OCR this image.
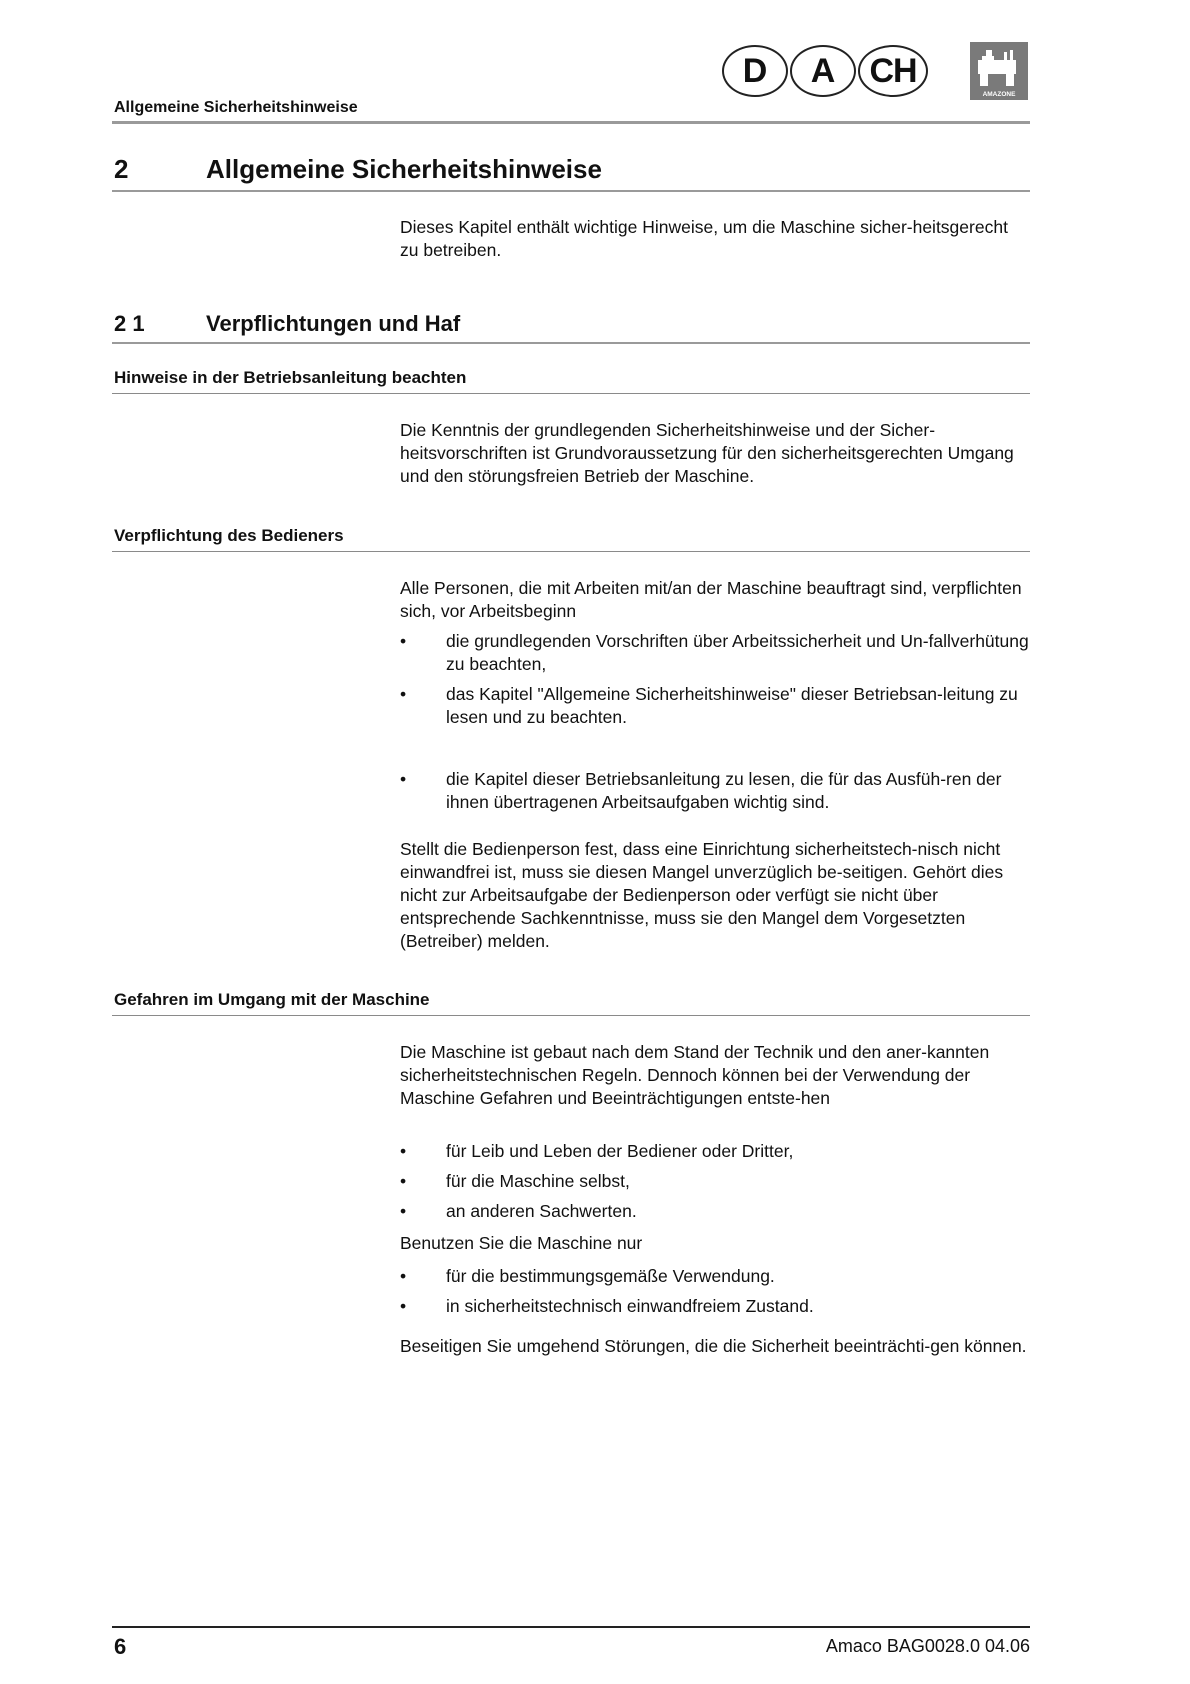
Allgemeine Sicherheitshinweise
D	A	CH
AMAZONE
2	Allgemeine Sicherheitshinweise
Dieses Kapitel enthält wichtige Hinweise, um die Maschine sicher-heitsgerecht zu betreiben.
2 1	Verpflichtungen und Haf
Hinweise in der Betriebsanleitung beachten
Die Kenntnis der grundlegenden Sicherheitshinweise und der Sicher-heitsvorschriften ist Grundvoraussetzung für den sicherheitsgerechten Umgang und den störungsfreien Betrieb der Maschine.
Verpflichtung des Bedieners
Alle Personen, die mit Arbeiten mit/an der Maschine beauftragt sind, verpflichten sich, vor Arbeitsbeginn
•	die grundlegenden Vorschriften über Arbeitssicherheit und Un-fallverhütung zu beachten,
•	das Kapitel "Allgemeine Sicherheitshinweise" dieser Betriebsan-leitung zu lesen und zu beachten.
•	die Kapitel dieser Betriebsanleitung zu lesen, die für das Ausfüh-ren der ihnen übertragenen Arbeitsaufgaben wichtig sind.
Stellt die Bedienperson fest, dass eine Einrichtung sicherheitstech-nisch nicht einwandfrei ist, muss sie diesen Mangel unverzüglich be-seitigen. Gehört dies nicht zur Arbeitsaufgabe der Bedienperson oder verfügt sie nicht über entsprechende Sachkenntnisse, muss sie den Mangel dem Vorgesetzten (Betreiber) melden.
Gefahren im Umgang mit der Maschine
Die Maschine ist gebaut nach dem Stand der Technik und den aner-kannten sicherheitstechnischen Regeln. Dennoch können bei der Verwendung der Maschine Gefahren und Beeinträchtigungen entste-hen
•	für Leib und Leben der Bediener oder Dritter,
•	für die Maschine selbst,
•	an anderen Sachwerten.
Benutzen Sie die Maschine nur
•	für die bestimmungsgemäße Verwendung.
•	in sicherheitstechnisch einwandfreiem Zustand.
Beseitigen Sie umgehend Störungen, die die Sicherheit beeinträchti-gen können.
6	Amaco BAG0028.0 04.06
